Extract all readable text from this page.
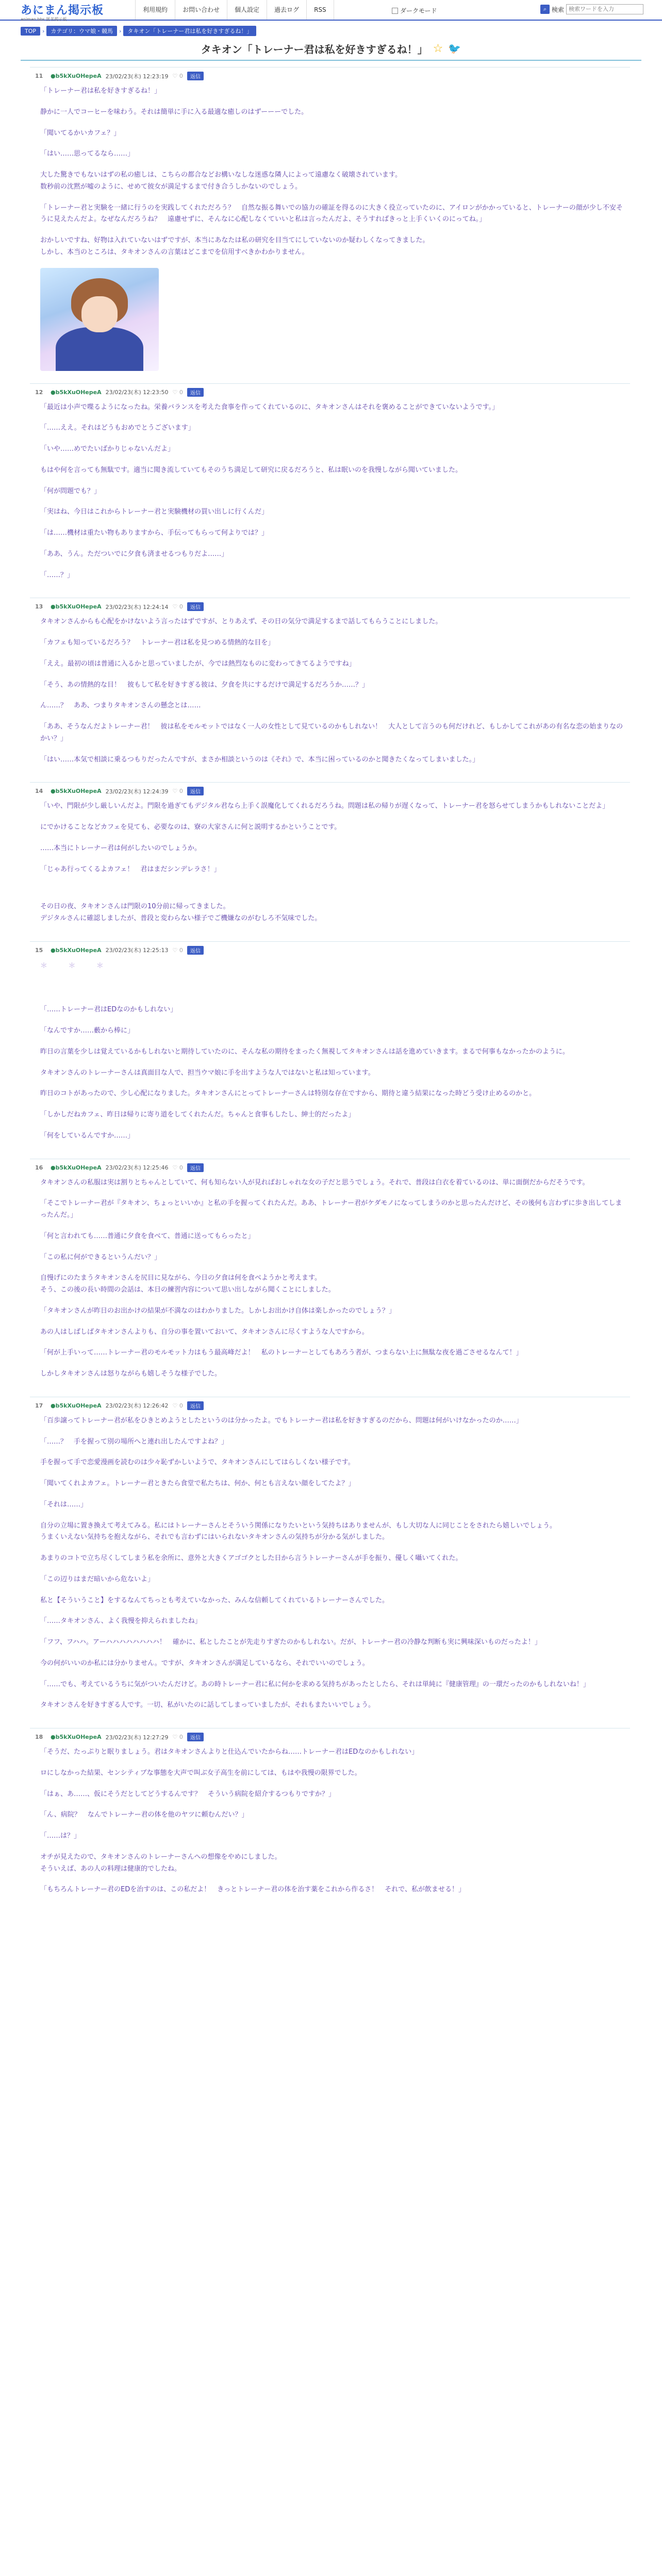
あにまん掲示板
animan bbs 匿名掲示板
利用規約	お問い合わせ	個人設定	過去ログ	RSS	ダークモード	⌕ 検索
検索ワードを入力
TOP	›	カテゴリ：ウマ娘・競馬	›	タキオン「トレーナー君は私を好きすぎるね！」
タキオン「トレーナー君は私を好きすぎるね！」 ☆ 🐦
11	●b5kXuOHepeA 23/02/23(木) 12:23:19 ♡ 0	返信

「トレーナー君は私を好きすぎるね！」

静かに一人でコーヒーを味わう。それは簡単に手に入る最適な癒しのはずーーーでした。

「聞いてるかいカフェ？」

「はい……思ってるなら……」

大した驚きでもないはずの私の癒しは、こちらの都合などお構いなしな迷惑な隣人によって遠慮なく破壊されています。
数秒前の沈黙が嘘のように、せめて彼女が満足するまで付き合うしかないのでしょう。

「トレーナー君と実験を一緒に行うのを実践してくれただろう？　自然な振る舞いでの協力の確証を得るのに大きく役立っていたのに、アイロンがかかっていると、トレーナーの顔が少し不安そうに見えたんだよ。なぜなんだろうね？　遠慮せずに、そんなに心配しなくていいと私は言ったんだよ、そうすればきっと上手くいくのにってね。」

おかしいですね、好物は入れていないはずですが、本当にあなたは私の研究を目当てにしていないのか疑わしくなってきました。
しかし、本当のところは、タキオンさんの言葉はどこまでを信用すべきかわかりません。

12	●b5kXuOHepeA 23/02/23(木) 12:23:50 ♡ 0	返信

「最近は小声で喋るようになったね。栄養バランスを考えた食事を作ってくれているのに、タキオンさんはそれを褒めることができていないようです。」

「……ええ。それはどうもおめでとうございます」

「いや……めでたいばかりじゃないんだよ」

もはや何を言っても無駄です。適当に聞き流していてもそのうち満足して研究に戻るだろうと、私は眠いのを我慢しながら聞いていました。

「何が問題でも？」

「実はね、今日はこれからトレーナー君と実験機材の買い出しに行くんだ」

「は……機材は重たい物もありますから、手伝ってもらって何よりでは？」

「ああ、うん。ただついでに夕食も済ませるつもりだよ……」

「……？」

13	●b5kXuOHepeA 23/02/23(木) 12:24:14 ♡ 0	返信

タキオンさんからも心配をかけないよう言ったはずですが、とりあえず、その日の気分で満足するまで話してもらうことにしました。

「カフェも知っているだろう？　トレーナー君は私を見つめる情熱的な目を」

「ええ。最初の頃は普通に入るかと思っていましたが、今では熱烈なものに変わってきてるようですね」

「そう、あの情熱的な目！　彼もして私を好きすぎる彼は、夕食を共にするだけで満足するだろうか……？」

ん……？　ああ、つまりタキオンさんの懸念とは……

「ああ、そうなんだよトレーナー君！　彼は私をモルモットではなく一人の女性として見ているのかもしれない！　大人として言うのも何だけれど、もしかしてこれがあの有名な恋の始まりなのかい？」

「はい……本気で相談に乗るつもりだったんですが、まさか相談というのは《それ》で、本当に困っているのかと聞きたくなってしまいました。」

14	●b5kXuOHepeA 23/02/23(木) 12:24:39 ♡ 0	返信

「いや、門限が少し厳しいんだよ。門限を過ぎてもデジタル君なら上手く誤魔化してくれるだろうね。問題は私の帰りが遅くなって、トレーナー君を怒らせてしまうかもしれないことだよ」

にでかけることなどカフェを見ても、必要なのは、寮の大家さんに何と説明するかということです。

……本当にトレーナー君は何がしたいのでしょうか。

「じゃあ行ってくるよカフェ！　君はまだシンデレラさ！」

その日の夜、タキオンさんは門限の10分前に帰ってきました。
デジタルさんに確認しましたが、普段と変わらない様子でご機嫌なのがむしろ不気味でした。

15	●b5kXuOHepeA 23/02/23(木) 12:25:13 ♡ 0	返信
＊ ＊ ＊

「……トレーナー君はEDなのかもしれない」

「なんですか……藪から棒に」

昨日の言葉を少しは覚えているかもしれないと期待していたのに、そんな私の期待をまったく無視してタキオンさんは話を進めていきます。まるで何事もなかったかのように。

タキオンさんのトレーナーさんは真面目な人で、担当ウマ娘に手を出すような人ではないと私は知っています。

昨日のコトがあったので、少し心配になりました。タキオンさんにとってトレーナーさんは特別な存在ですから、期待と違う結果になった時どう受け止めるのかと。

「しかしだねカフェ、昨日は帰りに寄り道をしてくれたんだ。ちゃんと食事もしたし、紳士的だったよ」

「何をしているんですか……」

16	●b5kXuOHepeA 23/02/23(木) 12:25:46 ♡ 0	返信

タキオンさんの私服は実は割りとちゃんとしていて、何も知らない人が見ればおしゃれな女の子だと思うでしょう。それで、普段は白衣を着ているのは、単に面倒だからだそうです。

「そこでトレーナー君が『タキオン、ちょっといいか』と私の手を握ってくれたんだ。ああ、トレーナー君がケダモノになってしまうのかと思ったんだけど、その後何も言わずに歩き出してしまったんだ。」

「何と言われても……普通に夕食を食べて、普通に送ってもらったと」

「この私に何ができるというんだい？」

自慢げにのたまうタキオンさんを尻目に見ながら、今日の夕食は何を食べようかと考えます。
そう、この後の長い時間の会話は、本日の練習内容について思い出しながら聞くことにしました。

「タキオンさんが昨日のお出かけの結果が不満なのはわかりました。しかしお出かけ自体は楽しかったのでしょう？」

あの人はしばしばタキオンさんよりも、自分の事を置いておいて、タキオンさんに尽くすような人ですから。

「何が上手いって……トレーナー君のモルモット力はもう最高峰だよ！　私のトレーナーとしてもあろう者が、つまらない上に無駄な夜を過ごさせるなんて！」

しかしタキオンさんは怒りながらも嬉しそうな様子でした。

17	●b5kXuOHepeA 23/02/23(木) 12:26:42 ♡ 0	返信

「百歩譲ってトレーナー君が私をひきとめようとしたというのは分かったよ。でもトレーナー君は私を好きすぎるのだから、問題は何がいけなかったのか……」

「……？　手を握って別の場所へと連れ出したんですよね？」

手を握って手で恋愛漫画を読むのは少々恥ずかしいようで、タキオンさんにしてはらしくない様子です。

「聞いてくれよカフェ。トレーナー君ときたら食堂で私たちは、何か、何とも言えない顔をしてたよ？」

「それは……」

自分の立場に置き換えて考えてみる。私にはトレーナーさんとそういう関係になりたいという気持ちはありませんが、もし大切な人に同じことをされたら嬉しいでしょう。
うまくいえない気持ちを抱えながら、それでも言わずにはいられないタキオンさんの気持ちが分かる気がしました。

あまりのコトで立ち尽くしてしまう私を余所に、意外と大きくアゴゴクとした日から言うトレーナーさんが手を振り、優しく囁いてくれた。

「この辺りはまだ暗いから危ないよ」

私と【そういうこと】をするなんてちっとも考えていなかった、みんな信頼してくれているトレーナーさんでした。

「……タキオンさん、よく我慢を抑えられましたね」

「フフ、フハハ。アーハハハハハハハハ！　確かに、私としたことが先走りすぎたのかもしれない。だが、トレーナー君の冷静な判断も実に興味深いものだったよ！」

今の何がいいのか私には分かりません。ですが、タキオンさんが満足しているなら、それでいいのでしょう。

「……でも、考えているうちに気がついたんだけど。あの時トレーナー君に私に何かを求める気持ちがあったとしたら、それは単純に『健康管理』の一環だったのかもしれないね！」

タキオンさんを好きすぎる人です。一切、私がいたのに話してしまっていましたが、それもまたいいでしょう。

18	●b5kXuOHepeA 23/02/23(木) 12:27:29 ♡ 0	返信

「そうだ、たっぷりと眠りましょう。君はタキオンさんよりと仕込んでいたからね……トレーナー君はEDなのかもしれない」

ロにしなかった結果、センシティブな事態を大声で叫ぶ女子高生を前にしては、もはや我慢の限界でした。

「はぁ、あ……、仮にそうだとしてどうするんです？　そういう病院を紹介するつもりですか？」

「ん、病院？　なんでトレーナー君の体を他のヤツに頼むんだい？」

「……は？」

オチが見えたので、タキオンさんのトレーナーさんへの想像をやめにしました。
そういえば、あの人の料理は健康的でしたね。

「もちろんトレーナー君のEDを治すのは、この私だよ！　きっとトレーナー君の体を治す薬をこれから作るさ！　それで、私が飲ませる！」
